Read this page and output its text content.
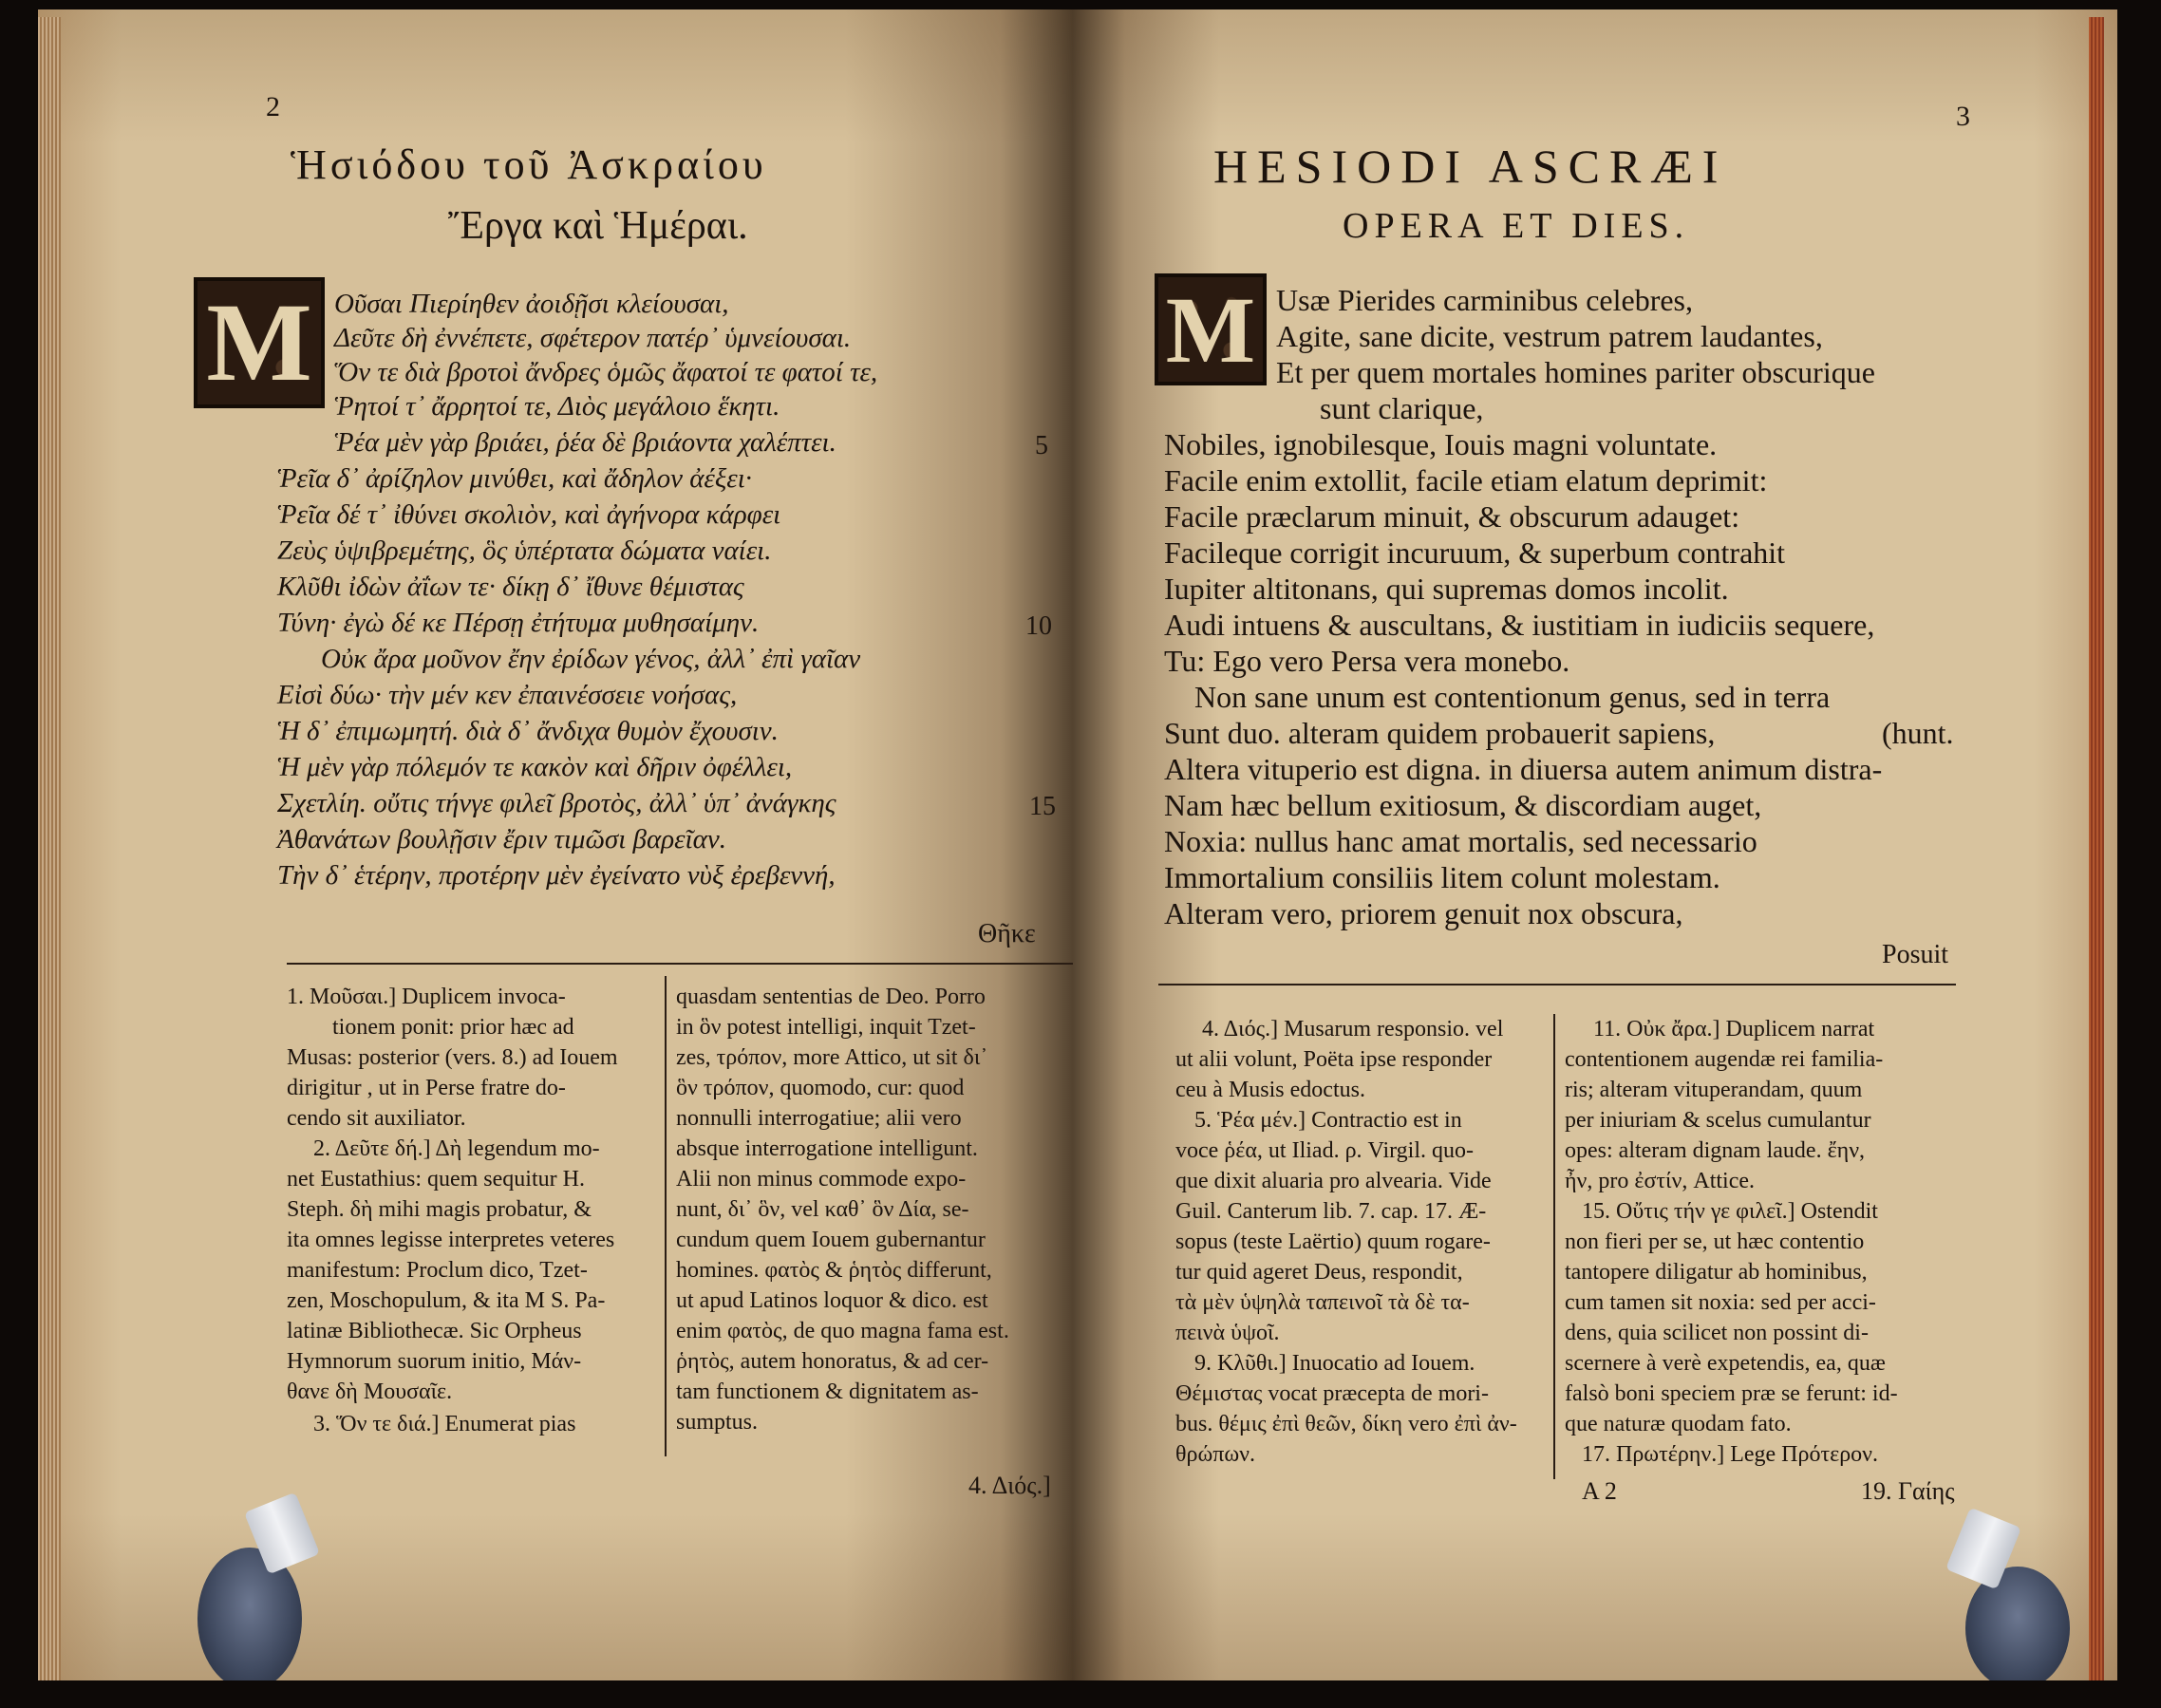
2
Ἡσιόδου τοῦ Ἀσκραίου
Ἔργα καὶ Ἡμέραι.
M Οῦσαι Πιερίηθεν ἀοιδῇσι κλείουσαι,
Δεῦτε δὴ ἐννέπετε, σφέτερον πατέρ᾽ ὑμνείουσαι.
Ὅν τε διὰ βροτοὶ ἄνδρες ὁμῶς ἄφατοί τε φατοί τε,
Ῥητοί τ᾽ ἄρρητοί τε, Διὸς μεγάλοιο ἕκητι.
Ῥέα μὲν γὰρ βριάει, ῥέα δὲ βριάοντα χαλέπτει.	5
Ῥεῖα δ᾽ ἀρίζηλον μινύθει, καὶ ἄδηλον ἀέξει·
Ῥεῖα δέ τ᾽ ἰθύνει σκολιὸν, καὶ ἀγήνορα κάρφει
Ζεὺς ὑψιβρεμέτης, ὃς ὑπέρτατα δώματα ναίει.
Κλῦθι ἰδὼν ἀΐων τε· δίκῃ δ᾽ ἴθυνε θέμιστας
Τύνη· ἐγὼ δέ κε Πέρσῃ ἐτήτυμα μυθησαίμην.	10
Οὐκ ἄρα μοῦνον ἔην ἐρίδων γένος, ἀλλ᾽ ἐπὶ γαῖαν
Εἰσὶ δύω· τὴν μέν κεν ἐπαινέσσειε νοήσας,
Ἡ δ᾽ ἐπιμωμητή. διὰ δ᾽ ἄνδιχα θυμὸν ἔχουσιν.
Ἡ μὲν γὰρ πόλεμόν τε κακὸν καὶ δῆριν ὀφέλλει,
Σχετλίη. οὔτις τήνγε φιλεῖ βροτὸς, ἀλλ᾽ ὑπ᾽ ἀνάγκης	15
Ἀθανάτων βουλῇσιν ἔριν τιμῶσι βαρεῖαν.
Τὴν δ᾽ ἑτέρην, προτέρην μὲν ἐγείνατο νὺξ ἐρεβεννή,
Θῆκε
1. Μοῦσαι.] Duplicem invoca-
tionem ponit: prior hæc ad
Musas: posterior (vers. 8.) ad Iouem
dirigitur , ut in Perse fratre do-
cendo sit auxiliator.
2. Δεῦτε δή.] Δὴ legendum mo-
net Eustathius: quem sequitur H.
Steph. δὴ mihi magis probatur, &
ita omnes legisse interpretes veteres
manifestum: Proclum dico, Tzet-
zen, Moschopulum, & ita M S. Pa-
latinæ Bibliothecæ. Sic Orpheus
Hymnorum suorum initio, Μάν-
θανε δὴ Μουσαῖε.
3. Ὅν τε διά.] Enumerat pias
quasdam sententias de Deo. Porro
in ὃν potest intelligi, inquit Tzet-
zes, τρόπον, more Attico, ut sit δι᾽
ὃν τρόπον, quomodo, cur: quod
nonnulli interrogatiue; alii vero
absque interrogatione intelligunt.
Alii non minus commode expo-
nunt, δι᾽ ὃν, vel καθ᾽ ὃν Δία, se-
cundum quem Iouem gubernantur
homines. φατὸς & ῥητὸς differunt,
ut apud Latinos loquor & dico. est
enim φατὸς, de quo magna fama est.
ῥητὸς, autem honoratus, & ad cer-
tam functionem & dignitatem as-
sumptus.
4. Διός.]
3
HESIODI ASCRÆI
OPERA ET DIES.
M Usæ Pierides carminibus celebres,
Agite, sane dicite, vestrum patrem laudantes,
Et per quem mortales homines pariter obscurique
sunt clarique,
Nobiles, ignobilesque, Iouis magni voluntate.
Facile enim extollit, facile etiam elatum deprimit:
Facile præclarum minuit, & obscurum adauget:
Facileque corrigit incuruum, & superbum contrahit
Iupiter altitonans, qui supremas domos incolit.
Audi intuens & auscultans, & iustitiam in iudiciis sequere,
Tu: Ego vero Persa vera monebo.
Non sane unum est contentionum genus, sed in terra
Sunt duo. alteram quidem probauerit sapiens,	(hunt.
Altera vituperio est digna. in diuersa autem animum distra-
Nam hæc bellum exitiosum, & discordiam auget,
Noxia: nullus hanc amat mortalis, sed necessario
Immortalium consiliis litem colunt molestam.
Alteram vero, priorem genuit nox obscura,
Posuit
4. Διός.] Musarum responsio. vel
ut alii volunt, Poëta ipse responder
ceu à Musis edoctus.
5. Ῥέα μέν.] Contractio est in
voce ῥέα, ut Iliad. ρ. Virgil. quo-
que dixit aluaria pro alvearia. Vide
Guil. Canterum lib. 7. cap. 17. Æ-
sopus (teste Laërtio) quum rogare-
tur quid ageret Deus, respondit,
τὰ μὲν ὑψηλὰ ταπεινοῖ τὰ δὲ τα-
πεινὰ ὑψοῖ.
9. Κλῦθι.] Inuocatio ad Iouem.
Θέμιστας vocat præcepta de mori-
bus. θέμις ἐπὶ θεῶν, δίκη vero ἐπὶ ἀν-
θρώπων.
11. Οὐκ ἄρα.] Duplicem narrat
contentionem augendæ rei familia-
ris; alteram vituperandam, quum
per iniuriam & scelus cumulantur
opes: alteram dignam laude. ἔην,
ἦν, pro ἐστίν, Attice.
15. Οὔτις τήν γε φιλεῖ.] Ostendit
non fieri per se, ut hæc contentio
tantopere diligatur ab hominibus,
cum tamen sit noxia: sed per acci-
dens, quia scilicet non possint di-
scernere à verè expetendis, ea, quæ
falsò boni speciem præ se ferunt: id-
que naturæ quodam fato.
17. Πρωτέρην.] Lege Πρότερον.
A 2	19. Γαίης
